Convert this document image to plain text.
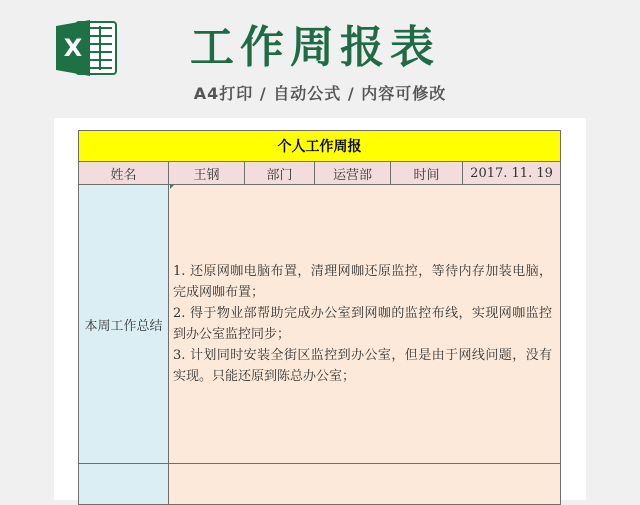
X 工作周报表
A4打印 / 自动公式 / 内容可修改
个人工作周报					
姓名	王钢	部门	运营部	时间	2017. 11. 19
本周工作总结	1. 还原网咖电脑布置，清理网咖还原监控，等待内存加装电脑，完成网咖布置；
2. 得于物业部帮助完成办公室到网咖的监控布线，实现网咖监控到办公室监控同步；
3. 计划同时安装全街区监控到办公室，但是由于网线问题，没有实现。只能还原到陈总办公室；				
